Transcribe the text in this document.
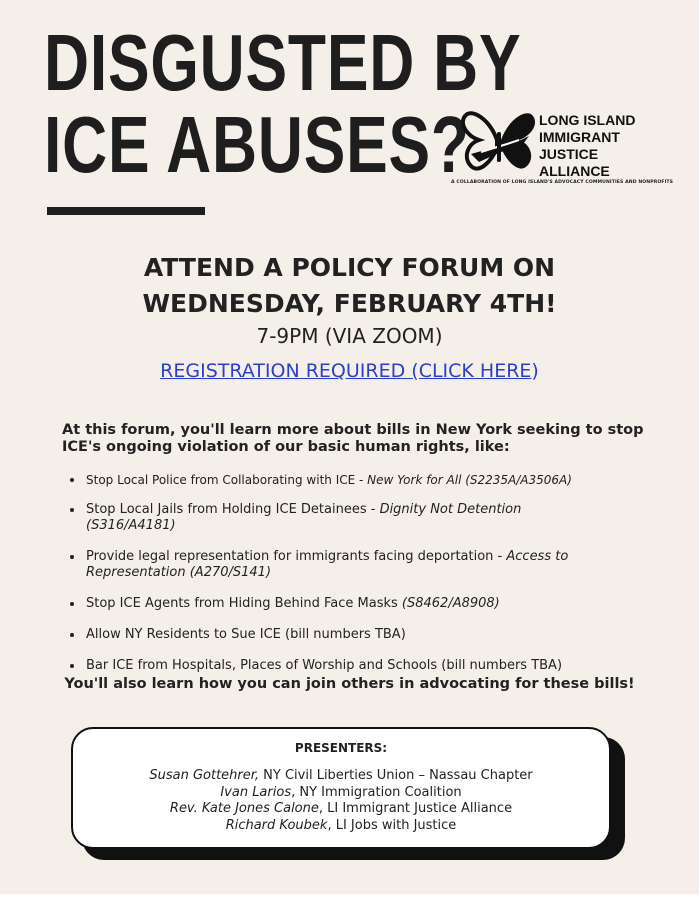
DISGUSTED BY
ICE ABUSES?	LONG ISLAND
IMMIGRANT
JUSTICE
ALLIANCE
A COLLABORATION OF LONG ISLAND'S ADVOCACY COMMUNITIES AND NONPROFITS
ATTEND A POLICY FORUM ON
WEDNESDAY, FEBRUARY 4TH!
7-9PM (VIA ZOOM)
REGISTRATION REQUIRED (CLICK HERE)
At this forum, you'll learn more about bills in New York seeking to stop ICE's ongoing violation of our basic human rights, like:
Stop Local Police from Collaborating with ICE - New York for All (S2235A/A3506A)
Stop Local Jails from Holding ICE Detainees - Dignity Not Detention (S316/A4181)
Provide legal representation for immigrants facing deportation - Access to Representation (A270/S141)
Stop ICE Agents from Hiding Behind Face Masks (S8462/A8908)
Allow NY Residents to Sue ICE (bill numbers TBA)
Bar ICE from Hospitals, Places of Worship and Schools (bill numbers TBA)
You'll also learn how you can join others in advocating for these bills!
PRESENTERS:
Susan Gottehrer, NY Civil Liberties Union – Nassau Chapter
Ivan Larios, NY Immigration Coalition
Rev. Kate Jones Calone, LI Immigrant Justice Alliance
Richard Koubek, LI Jobs with Justice
